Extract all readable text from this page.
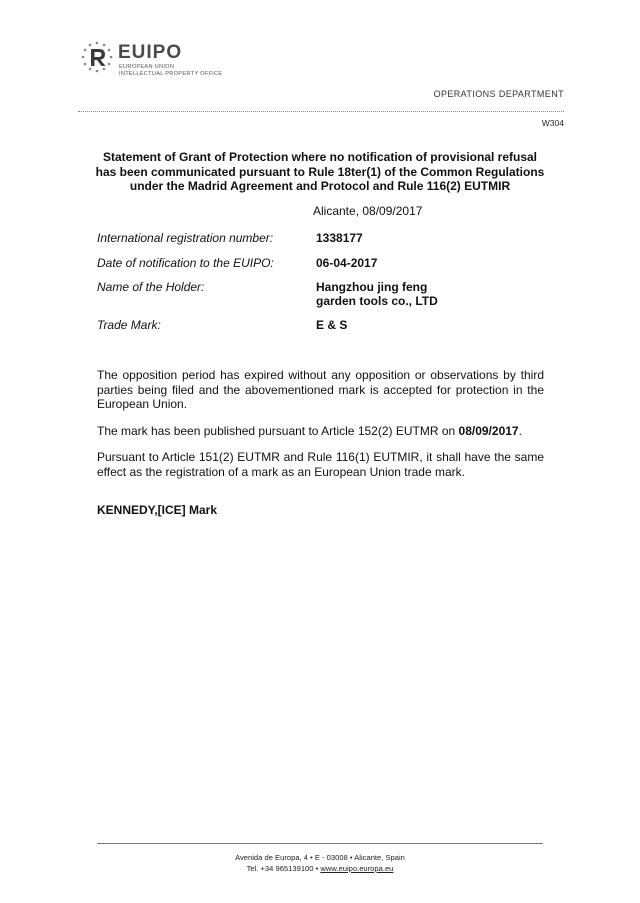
EUIPO
EUROPEAN UNION
INTELLECTUAL PROPERTY OFFICE
OPERATIONS DEPARTMENT
W304
Statement of Grant of Protection where no notification of provisional refusal
has been communicated pursuant to Rule 18ter(1) of the Common Regulations
under the Madrid Agreement and Protocol and Rule 116(2) EUTMIR
Alicante, 08/09/2017
International registration number:	1338177
Date of notification to the EUIPO:	06-04-2017
Name of the Holder:	Hangzhou jing feng
garden tools co., LTD
Trade Mark:	E & S
The opposition period has expired without any opposition or observations by third parties being filed and the abovementioned mark is accepted for protection in the European Union.
The mark has been published pursuant to Article 152(2) EUTMR on 08/09/2017.
Pursuant to Article 151(2) EUTMR and Rule 116(1) EUTMIR, it shall have the same effect as the registration of a mark as an European Union trade mark.
KENNEDY,[ICE] Mark
Avenida de Europa, 4 • E - 03008 • Alicante, Spain
Tel. +34 965139100 • www.euipo.europa.eu
